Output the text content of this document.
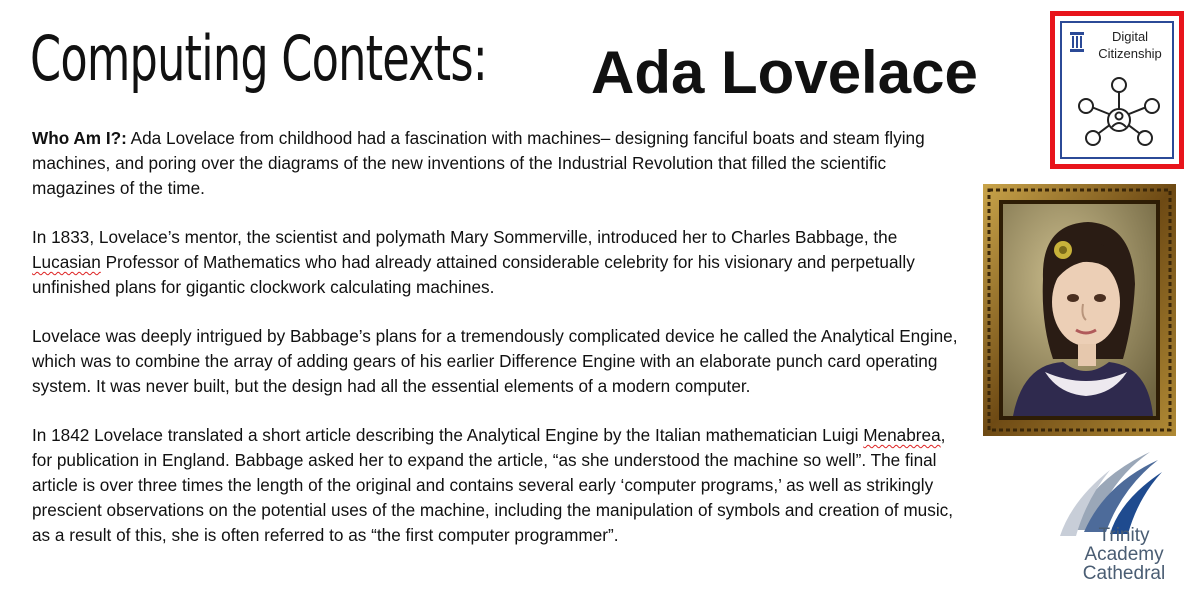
Computing Contexts: Ada Lovelace
Digital
Citizenship

Who Am I?: Ada Lovelace from childhood had a fascination with machines– designing fanciful boats and steam flying machines, and poring over the diagrams of the new inventions of the Industrial Revolution that filled the scientific magazines of the time.

In 1833, Lovelace’s mentor, the scientist and polymath Mary Sommerville, introduced her to Charles Babbage, the Lucasian Professor of Mathematics who had already attained considerable celebrity for his visionary and perpetually unfinished plans for gigantic clockwork calculating machines.

Lovelace was deeply intrigued by Babbage’s plans for a tremendously complicated device he called the Analytical Engine, which was to combine the array of adding gears of his earlier Difference Engine with an elaborate punch card operating system. It was never built, but the design had all the essential elements of a modern computer.

In 1842 Lovelace translated a short article describing the Analytical Engine by the Italian mathematician Luigi Menabrea, for publication in England. Babbage asked her to expand the article, “as she understood the machine so well”. The final article is over three times the length of the original and contains several early ‘computer programs,’ as well as strikingly prescient observations on the potential uses of the machine, including the manipulation of symbols and creation of music, as a result of this, she is often referred to as “the first computer programmer”.	Trinity
Academy
Cathedral
